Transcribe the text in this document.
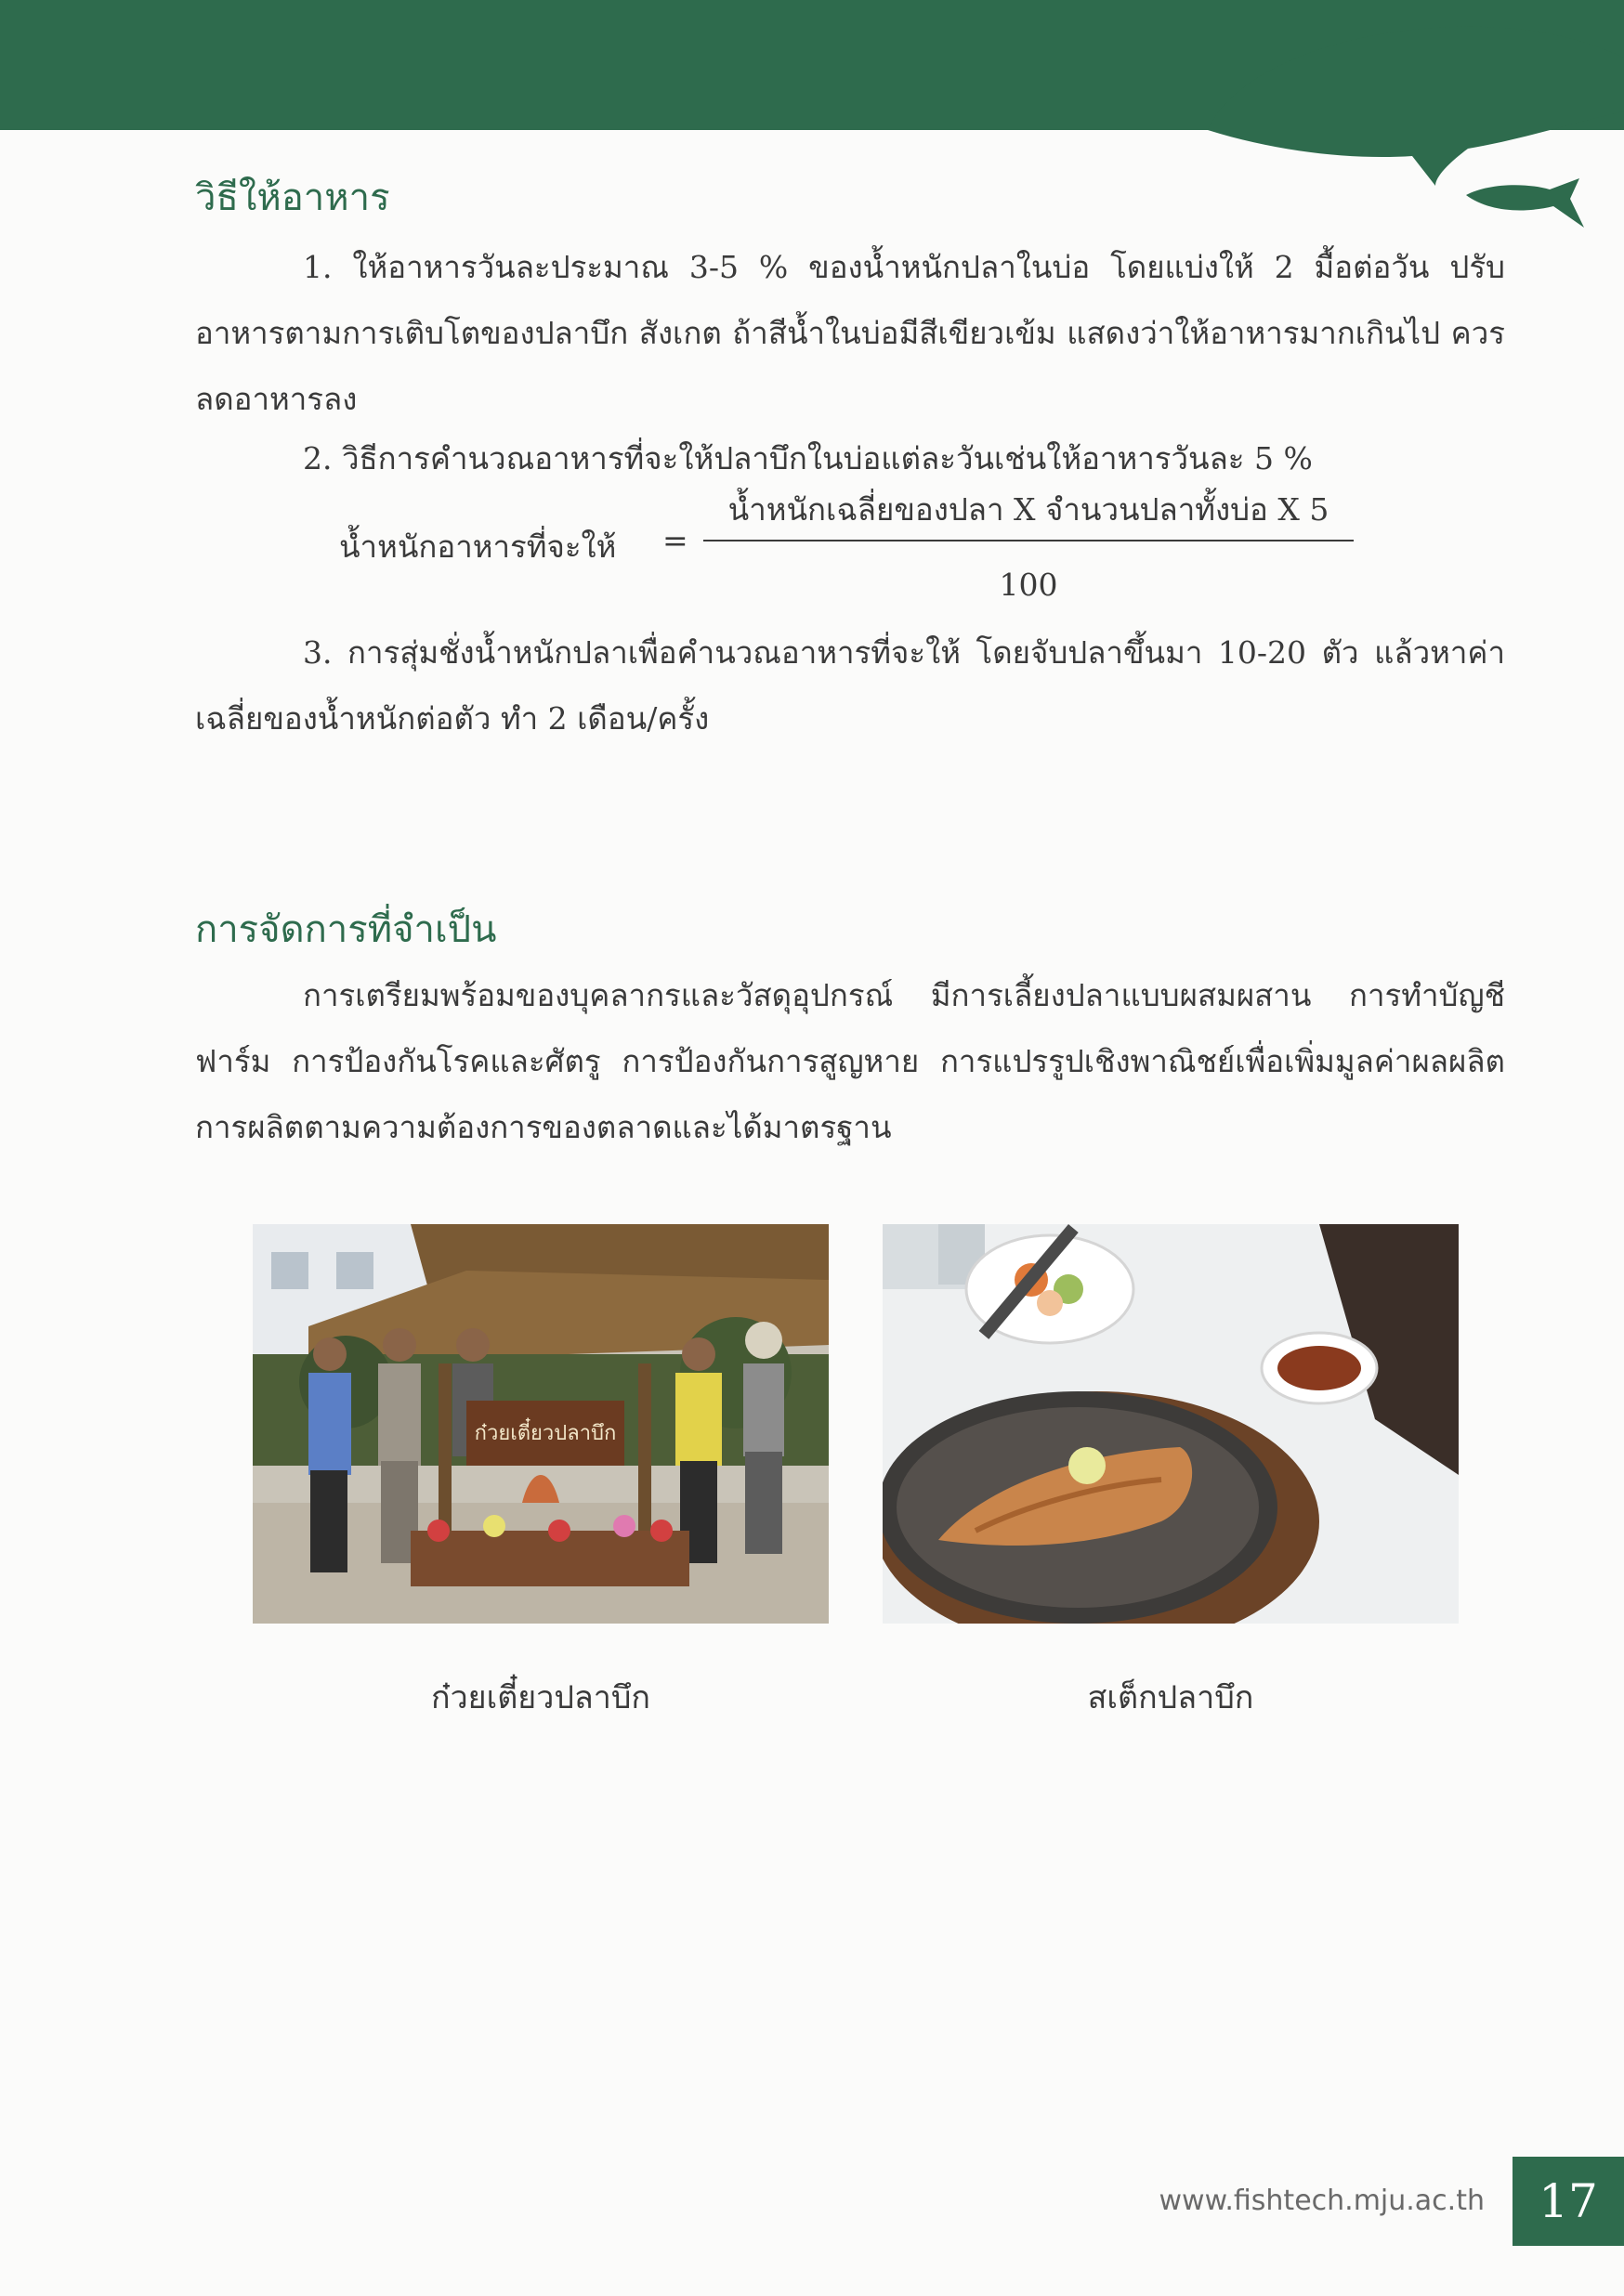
วิธีให้อาหาร

1. ให้อาหารวันละประมาณ 3-5 % ของน้ำหนักปลาในบ่อ โดยแบ่งให้ 2 มื้อต่อวัน ปรับอาหารตามการเติบโตของปลาบึก สังเกต ถ้าสีน้ำในบ่อมีสีเขียวเข้ม แสดงว่าให้อาหารมากเกินไป ควรลดอาหารลง

2. วิธีการคำนวณอาหารที่จะให้ปลาบึกในบ่อแต่ละวันเช่นให้อาหารวันละ 5 %

น้ำหนักอาหารที่จะให้ =
น้ำหนักเฉลี่ยของปลา X จำนวนปลาทั้งบ่อ X 5
100

3. การสุ่มชั่งน้ำหนักปลาเพื่อคำนวณอาหารที่จะให้ โดยจับปลาขึ้นมา 10-20 ตัว แล้วหาค่าเฉลี่ยของน้ำหนักต่อตัว ทำ 2 เดือน/ครั้ง

การจัดการที่จำเป็น

การเตรียมพร้อมของบุคลากรและวัสดุอุปกรณ์ มีการเลี้ยงปลาแบบผสมผสาน การทำบัญชีฟาร์ม การป้องกันโรคและศัตรู การป้องกันการสูญหาย การแปรรูปเชิงพาณิชย์เพื่อเพิ่มมูลค่าผลผลิต การผลิตตามความต้องการของตลาดและได้มาตรฐาน

ก๋วยเตี๋ยวปลาบึก
ก๋วยเตี๋ยวปลาบึก	สเต็กปลาบึก
www.fishtech.mju.ac.th	17
